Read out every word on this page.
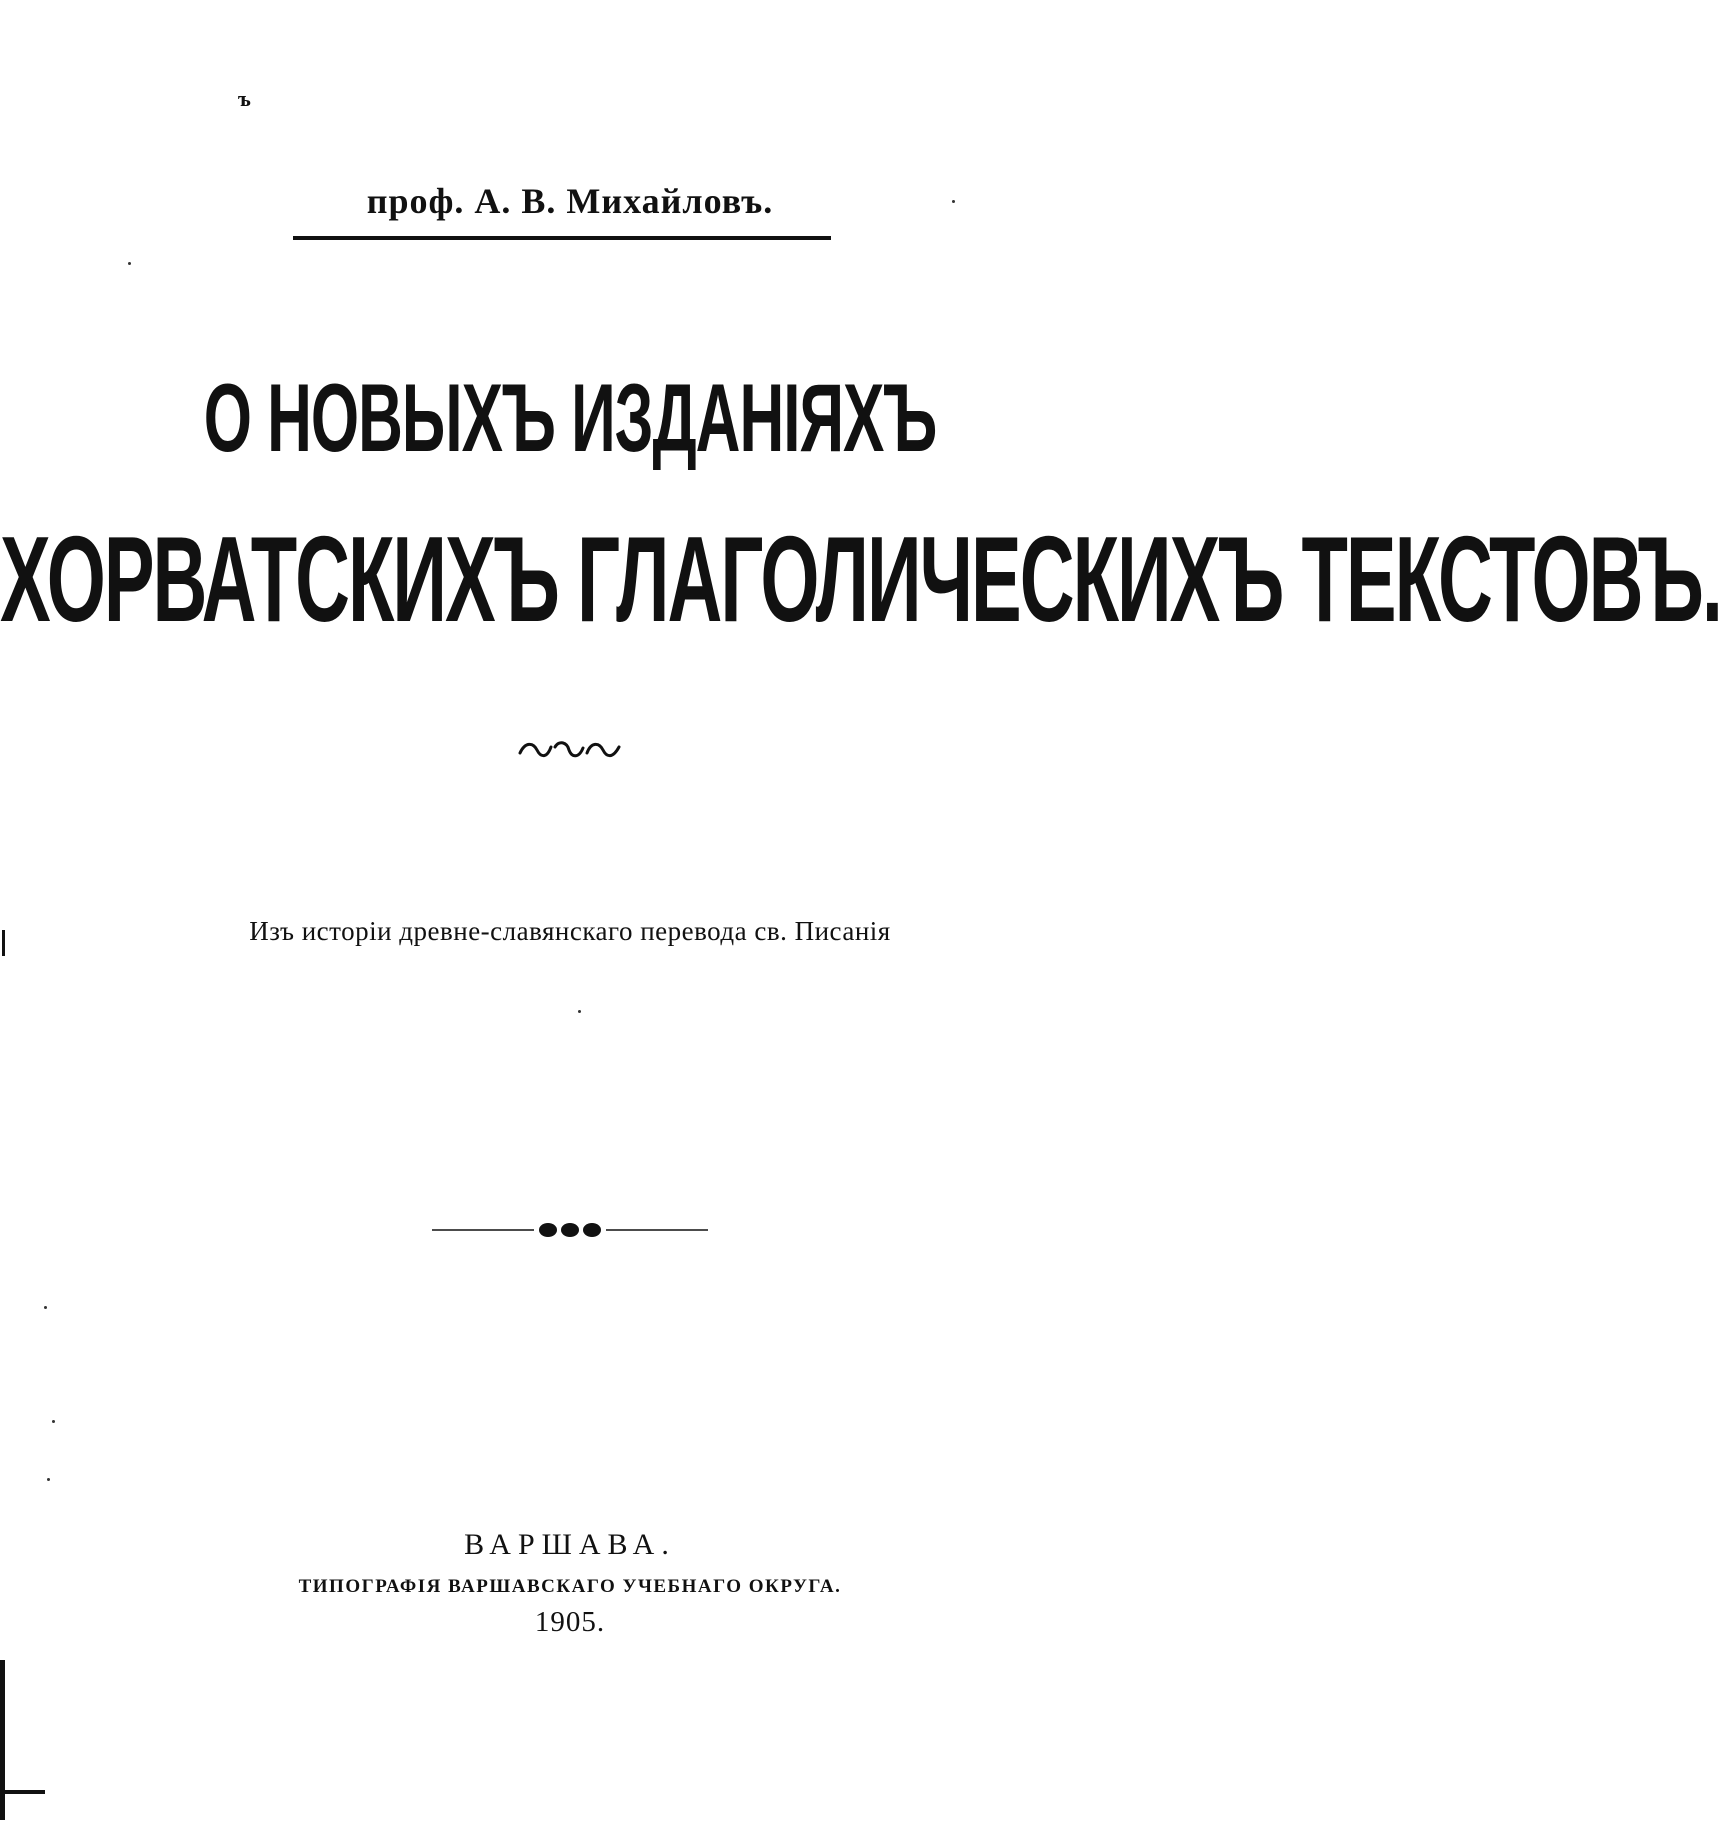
ъ
проф. А. В. Михайловъ.
О НОВЫХЪ ИЗДАНІЯХЪ
ХОРВАТСКИХЪ ГЛАГОЛИЧЕСКИХЪ ТЕКСТОВЪ.
Изъ исторіи древне-славянскаго перевода св. Писанія
ВАРШАВА.
ТИПОГРАФІЯ ВАРШАВСКАГО УЧЕБНАГО ОКРУГА.
1905.
